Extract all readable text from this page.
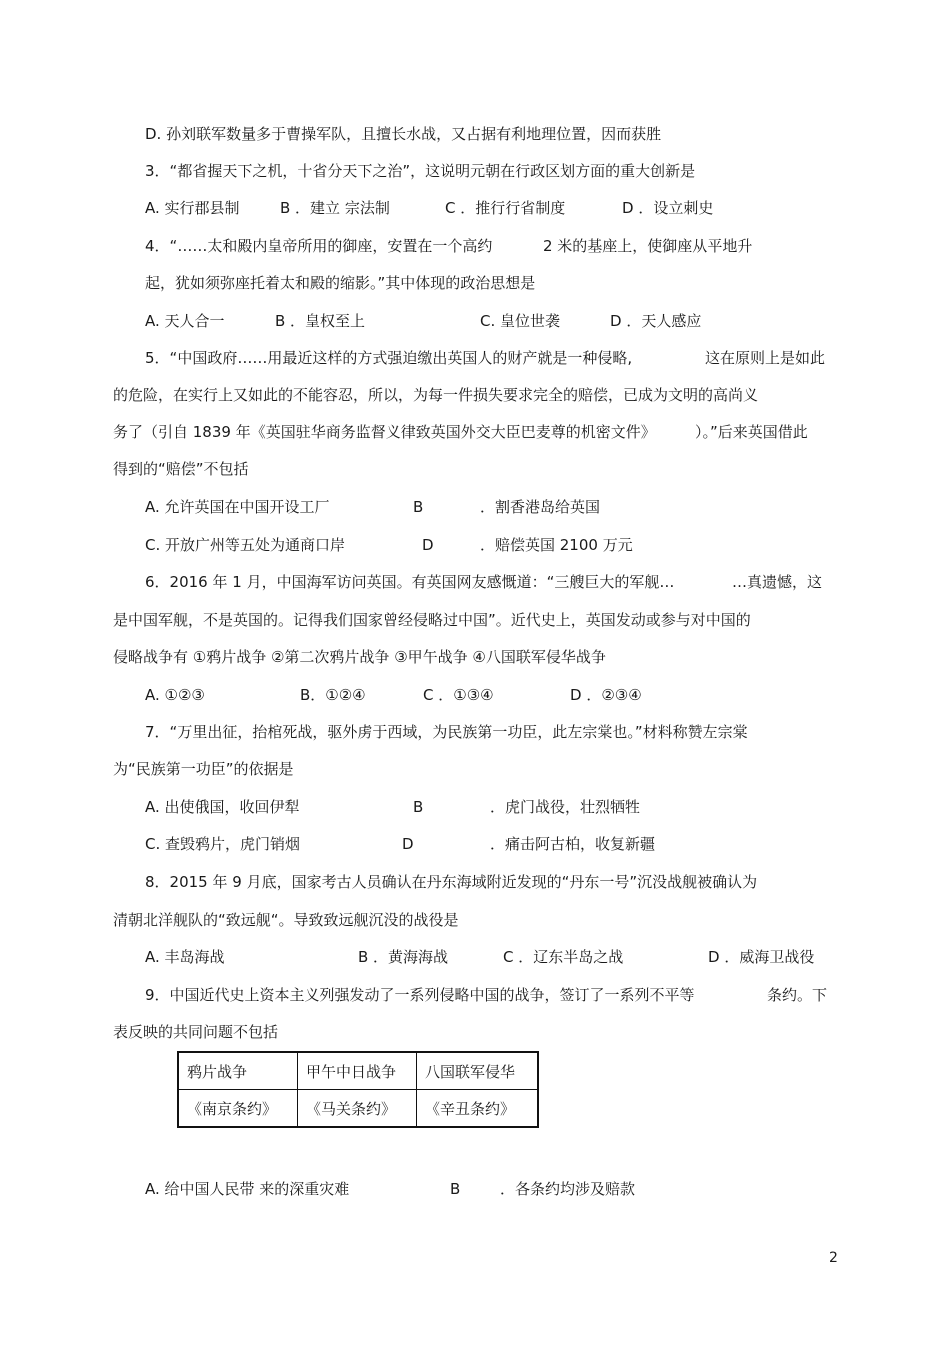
D. 孙刘联军数量多于曹操军队，且擅长水战，又占据有利地理位置，因而获胜
3．“都省握天下之机，十省分天下之治”，这说明元朝在行政区划方面的重大创新是
A. 实行郡县制	B ．建立 宗法制	C ．推行行省制度	D ．设立刺史
4．“……太和殿内皇帝所用的御座，安置在一个高约	2 米的基座上，使御座从平地升
起，犹如须弥座托着太和殿的缩影。”其中体现的政治思想是
A. 天人合一	B ．皇权至上	C. 皇位世袭	D ．天人感应
5．“中国政府……用最近这样的方式强迫缴出英国人的财产就是一种侵略,	这在原则上是如此
的危险，在实行上又如此的不能容忍，所以，为每一件损失要求完全的赔偿，已成为文明的高尚义
务了（引自 1839 年《英国驻华商务监督义律致英国外交大臣巴麦尊的机密文件》	）。”后来英国借此
得到的“赔偿”不包括
A. 允许英国在中国开设工厂	B	．割香港岛给英国
C. 开放广州等五处为通商口岸	D	．赔偿英国 2100 万元
6．2016 年 1 月，中国海军访问英国。有英国网友感慨道：“三艘巨大的军舰…	…真遗憾，这
是中国军舰，不是英国的。记得我们国家曾经侵略过中国”。近代史上，英国发动或参与对中国的
侵略战争有 ①鸦片战争 ②第二次鸦片战争 ③甲午战争 ④八国联军侵华战争
A. ①②③	B．①②④	C ．①③④	D ．②③④
7．“万里出征，抬棺死战，驱外虏于西域，为民族第一功臣，此左宗棠也。”材料称赞左宗棠
为“民族第一功臣”的依据是
A. 出使俄国，收回伊犁	B	．虎门战役，壮烈牺牲
C. 查毁鸦片，虎门销烟	D	．痛击阿古柏，收复新疆
8．2015 年 9 月底，国家考古人员确认在丹东海域附近发现的“丹东一号”沉没战舰被确认为
清朝北洋舰队的“致远舰“。导致致远舰沉没的战役是
A. 丰岛海战	B ．黄海海战	C ．辽东半岛之战	D ．威海卫战役
9．中国近代史上资本主义列强发动了一系列侵略中国的战争，签订了一系列不平等	条约。下
表反映的共同问题不包括
鸦片战争	甲午中日战争	八国联军侵华
《南京条约》	《马关条约》	《辛丑条约》
A. 给中国人民带 来的深重灾难	B	．各条约均涉及赔款
2
